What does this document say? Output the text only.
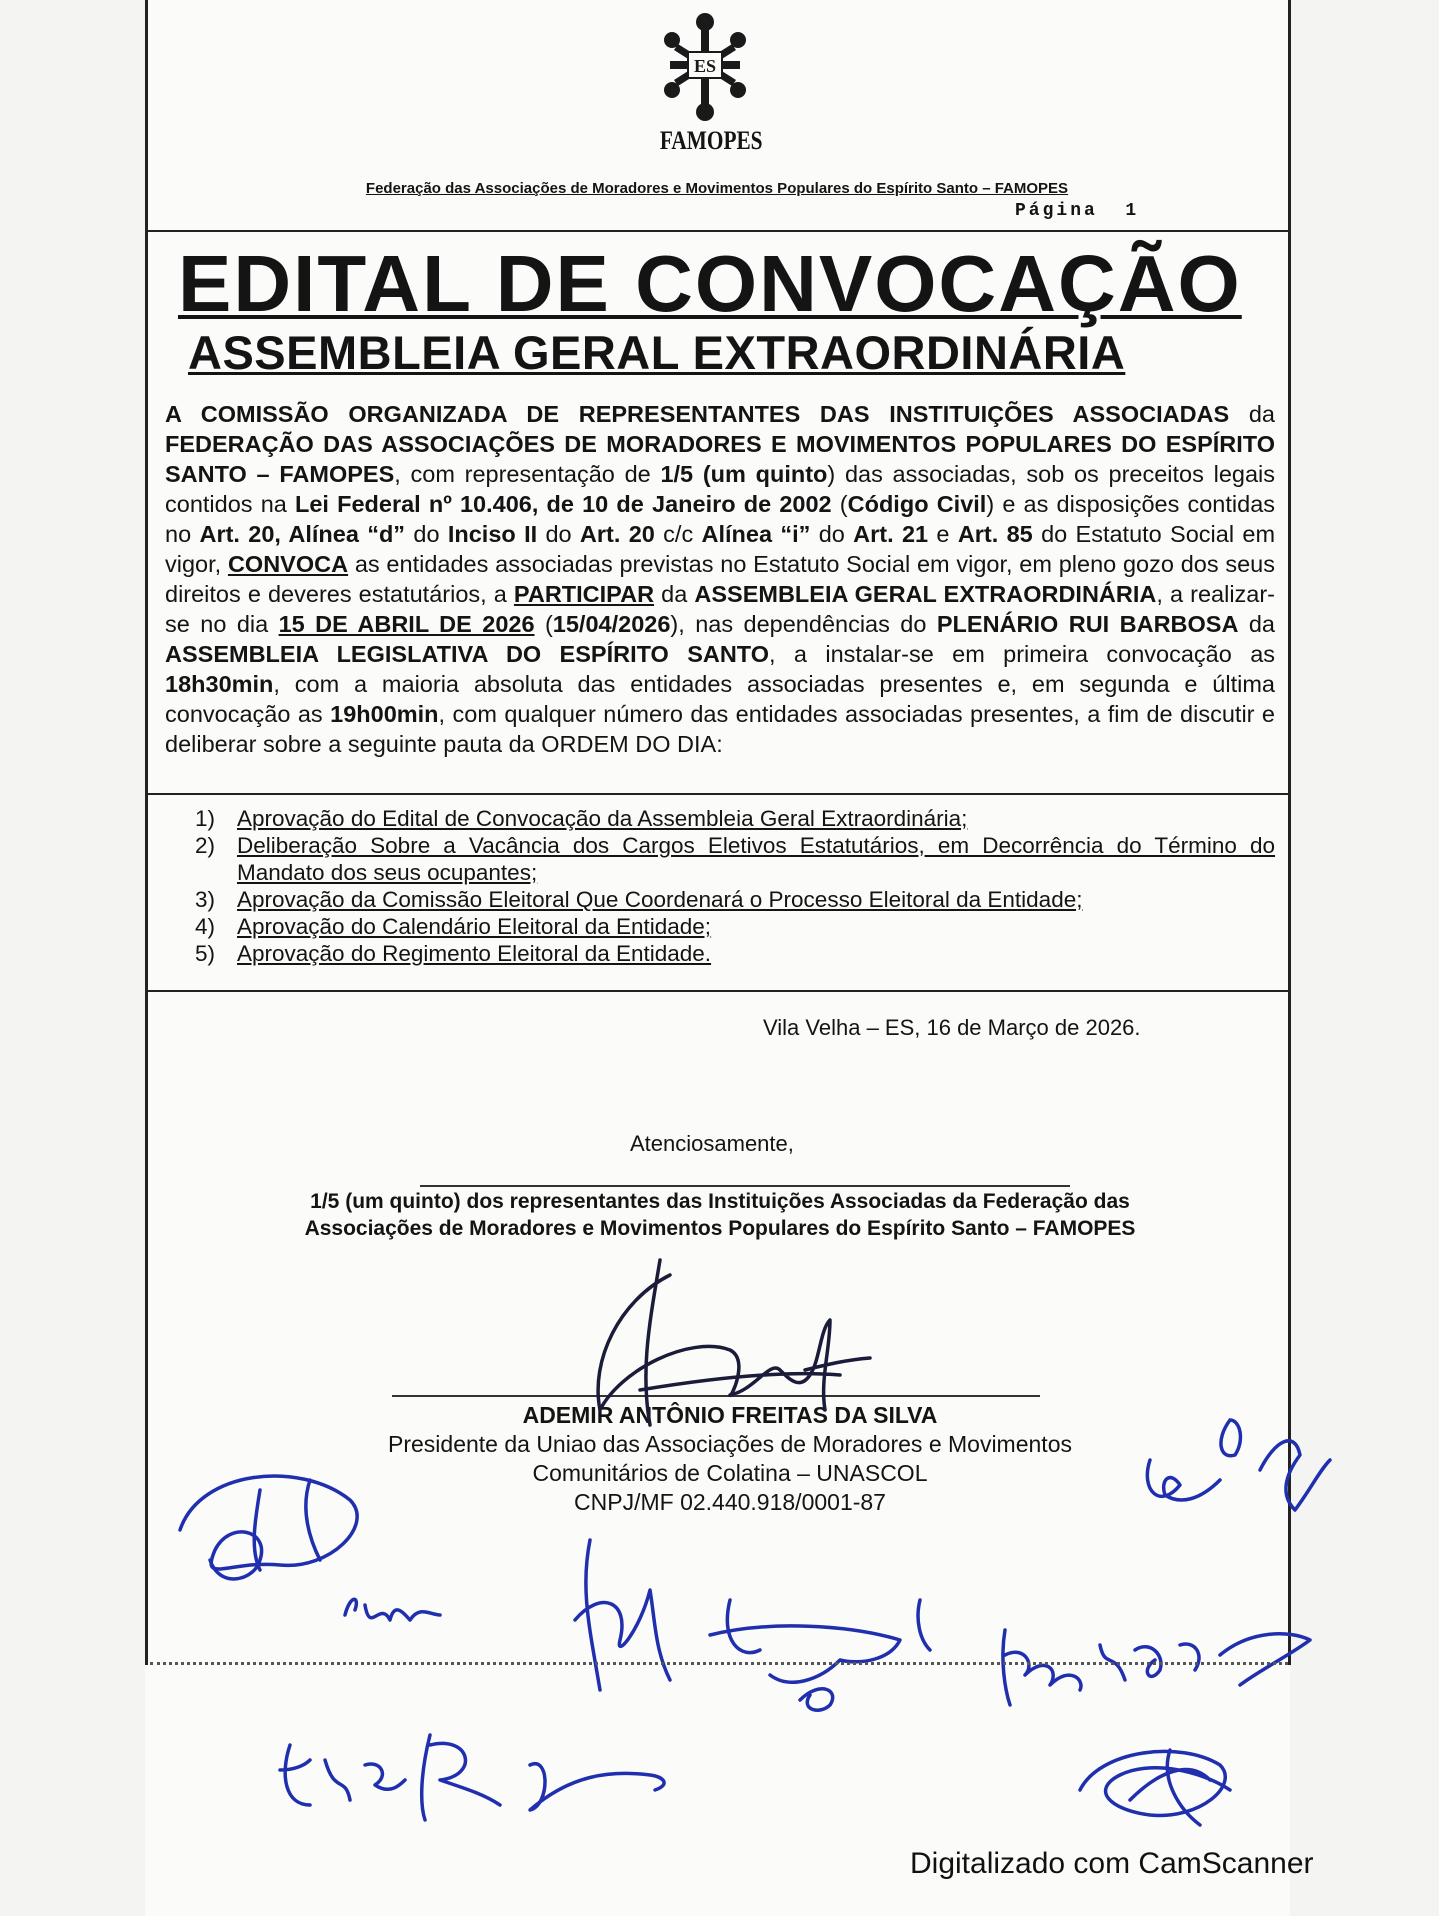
ES
FAMOPES
Federação das Associações de Moradores e Movimentos Populares do Espírito Santo – FAMOPES
Página 1
EDITAL DE CONVOCAÇÃO
ASSEMBLEIA GERAL EXTRAORDINÁRIA
A COMISSÃO ORGANIZADA DE REPRESENTANTES DAS INSTITUIÇÕES ASSOCIADAS da FEDERAÇÃO DAS ASSOCIAÇÕES DE MORADORES E MOVIMENTOS POPULARES DO ESPÍRITO SANTO – FAMOPES, com representação de 1/5 (um quinto) das associadas, sob os preceitos legais contidos na Lei Federal nº 10.406, de 10 de Janeiro de 2002 (Código Civil) e as disposições contidas no Art. 20, Alínea “d” do Inciso II do Art. 20 c/c Alínea “i” do Art. 21 e Art. 85 do Estatuto Social em vigor, CONVOCA as entidades associadas previstas no Estatuto Social em vigor, em pleno gozo dos seus direitos e deveres estatutários, a PARTICIPAR da ASSEMBLEIA GERAL EXTRAORDINÁRIA, a realizar-se no dia 15 DE ABRIL DE 2026 (15/04/2026), nas dependências do PLENÁRIO RUI BARBOSA da ASSEMBLEIA LEGISLATIVA DO ESPÍRITO SANTO, a instalar-se em primeira convocação as 18h30min, com a maioria absoluta das entidades associadas presentes e, em segunda e última convocação as 19h00min, com qualquer número das entidades associadas presentes, a fim de discutir e deliberar sobre a seguinte pauta da ORDEM DO DIA:
1) Aprovação do Edital de Convocação da Assembleia Geral Extraordinária;
2) Deliberação Sobre a Vacância dos Cargos Eletivos Estatutários, em Decorrência do Término do Mandato dos seus ocupantes;
3) Aprovação da Comissão Eleitoral Que Coordenará o Processo Eleitoral da Entidade;
4) Aprovação do Calendário Eleitoral da Entidade;
5) Aprovação do Regimento Eleitoral da Entidade.
Vila Velha – ES, 16 de Março de 2026.
Atenciosamente,
1/5 (um quinto) dos representantes das Instituições Associadas da Federação das Associações de Moradores e Movimentos Populares do Espírito Santo – FAMOPES
ADEMIR ANTÔNIO FREITAS DA SILVA
Presidente da Uniao das Associações de Moradores e Movimentos
Comunitários de Colatina – UNASCOL
CNPJ/MF 02.440.918/0001-87
Digitalizado com CamScanner
